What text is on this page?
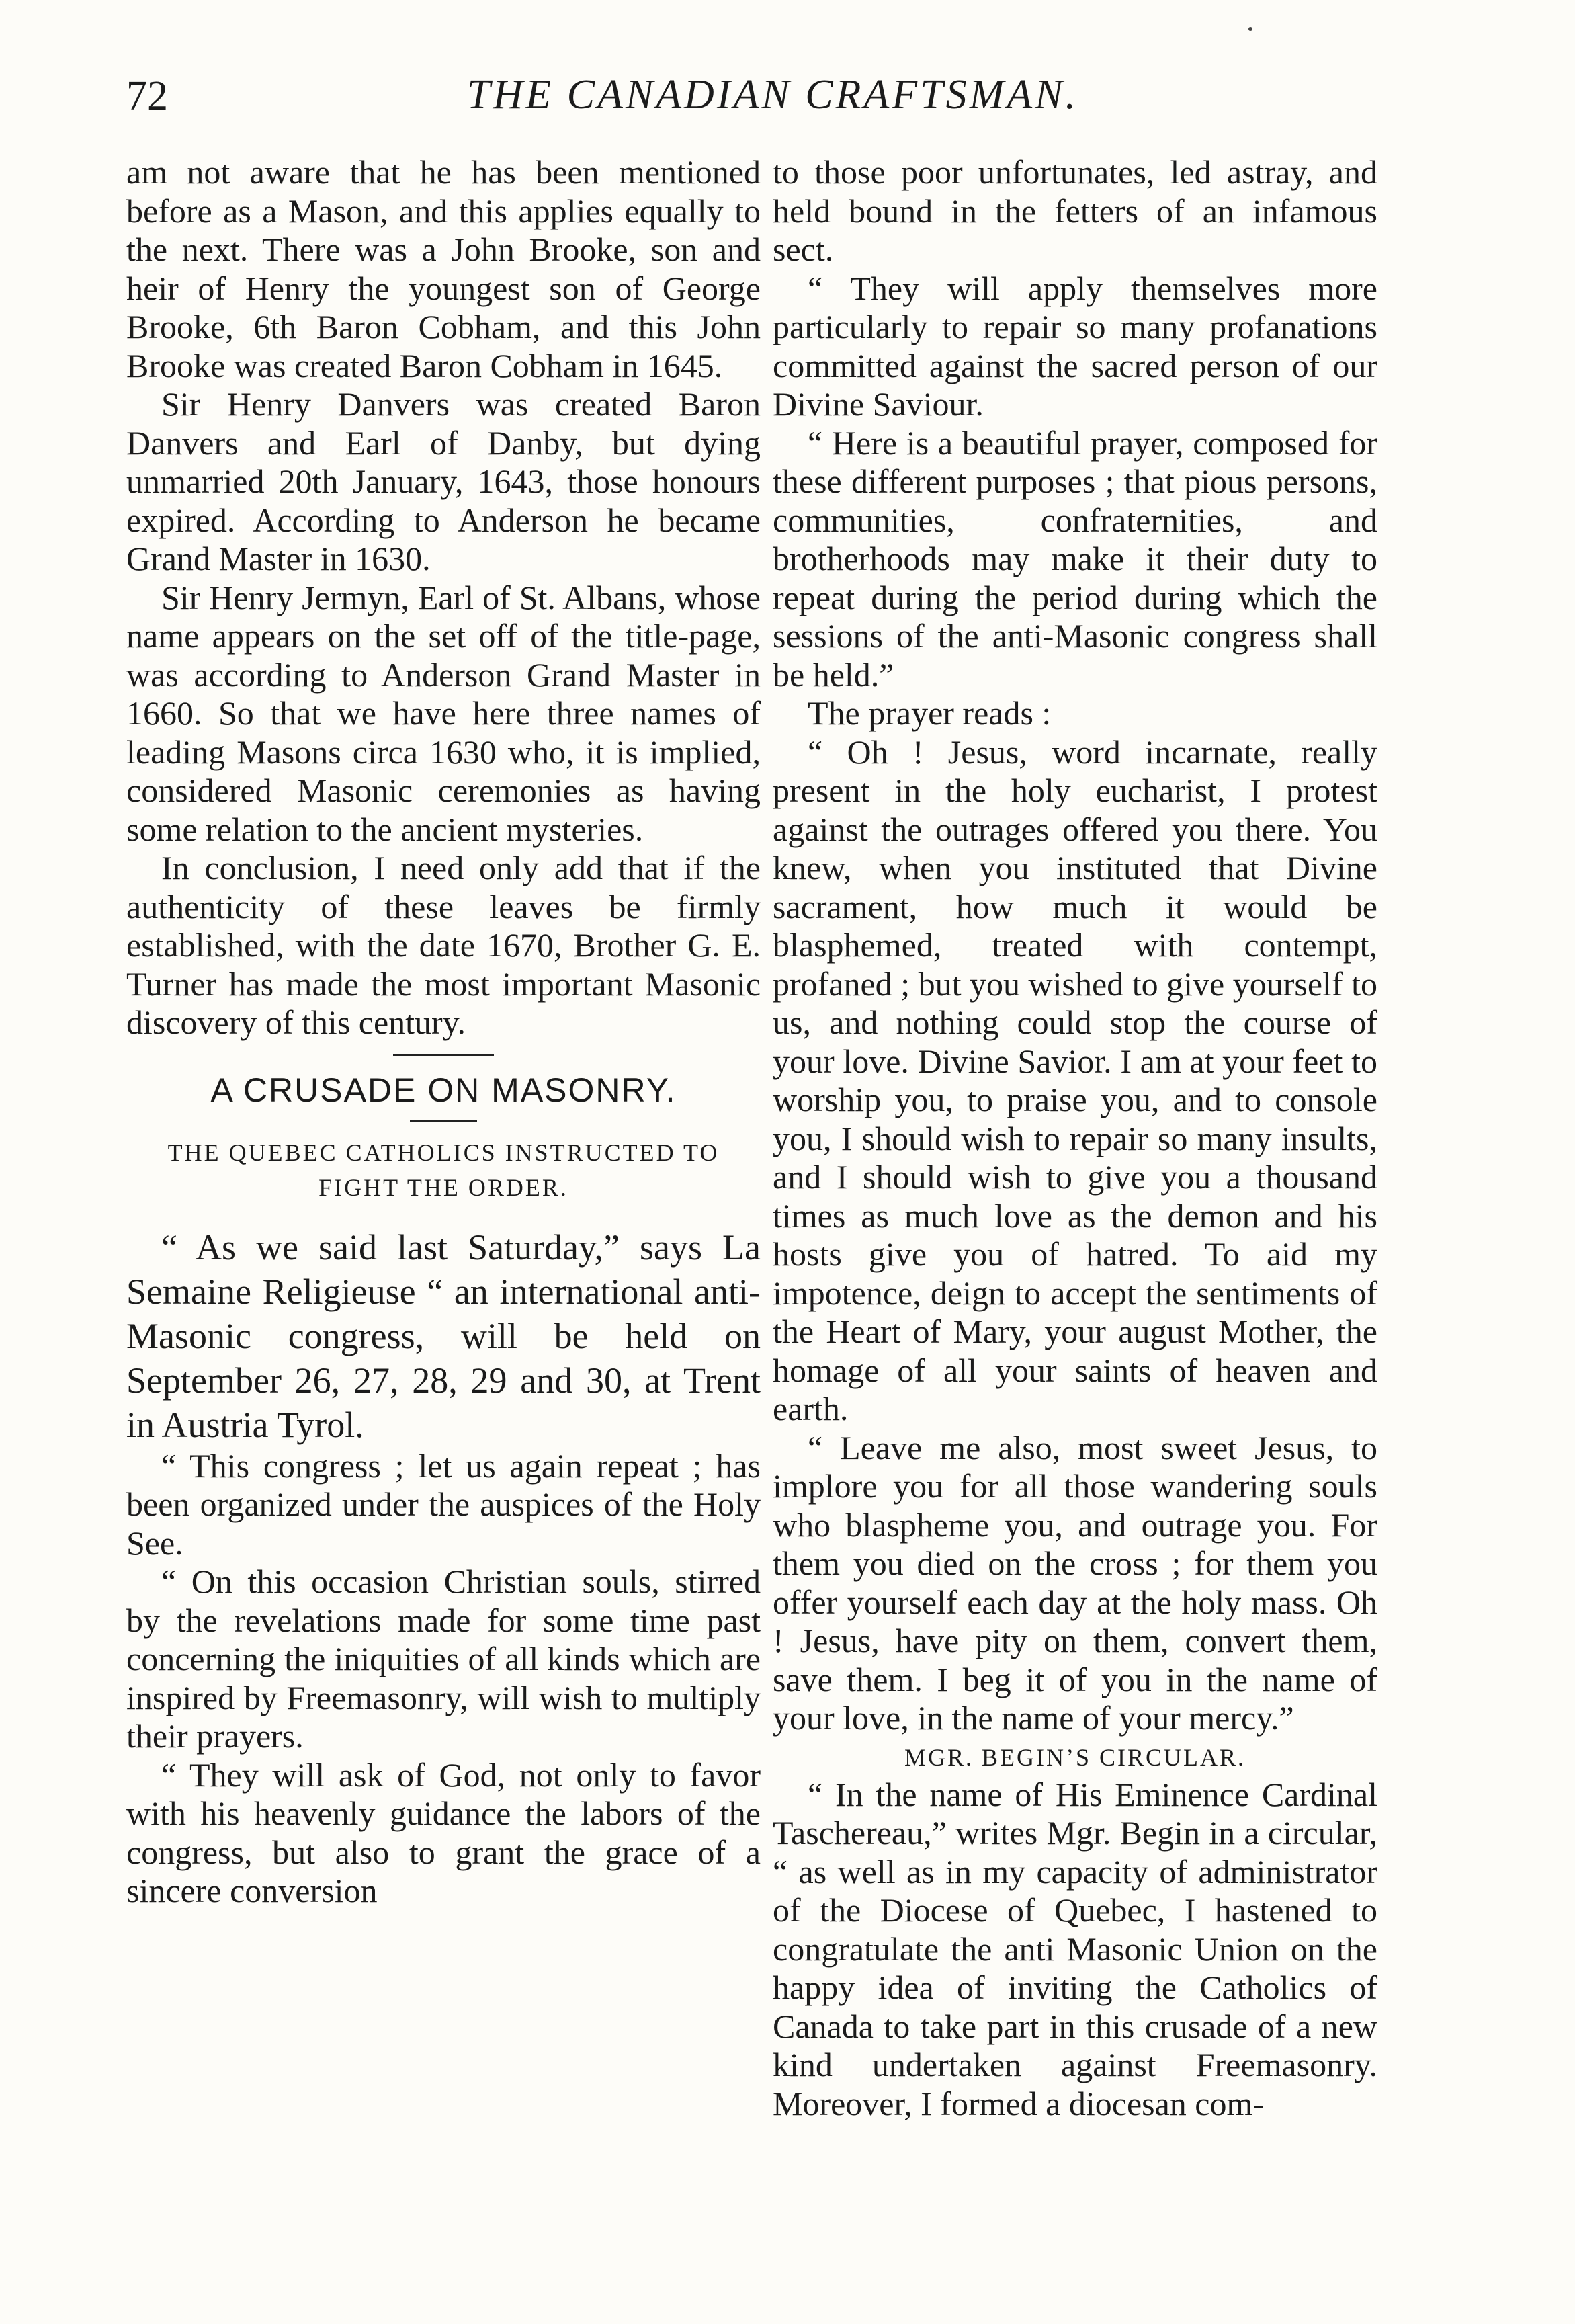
72	THE CANADIAN CRAFTSMAN.

am not aware that he has been mentioned before as a Mason, and this applies equally to the next. There was a John Brooke, son and heir of Henry the youngest son of George Brooke, 6th Baron Cobham, and this John Brooke was created Baron Cobham in 1645.

Sir Henry Danvers was created Baron Danvers and Earl of Danby, but dying unmarried 20th January, 1643, those honours expired. According to Anderson he became Grand Master in 1630.

Sir Henry Jermyn, Earl of St. Albans, whose name appears on the set off of the title-page, was according to Anderson Grand Master in 1660. So that we have here three names of leading Masons circa 1630 who, it is implied, considered Masonic ceremonies as having some relation to the ancient mysteries.

In conclusion, I need only add that if the authenticity of these leaves be firmly established, with the date 1670, Brother G. E. Turner has made the most important Masonic discovery of this century.

A CRUSADE ON MASONRY.
THE QUEBEC CATHOLICS INSTRUCTED TO FIGHT THE ORDER.

“ As we said last Saturday,” says La Semaine Religieuse “ an international anti-Masonic congress, will be held on September 26, 27, 28, 29 and 30, at Trent in Austria Tyrol.

“ This congress ; let us again repeat ; has been organized under the auspices of the Holy See.

“ On this occasion Christian souls, stirred by the revelations made for some time past concerning the iniquities of all kinds which are inspired by Freemasonry, will wish to multiply their prayers.

“ They will ask of God, not only to favor with his heavenly guidance the labors of the congress, but also to grant the grace of a sincere conversion

to those poor unfortunates, led astray, and held bound in the fetters of an infamous sect.

“ They will apply themselves more particularly to repair so many profanations committed against the sacred person of our Divine Saviour.

“ Here is a beautiful prayer, composed for these different purposes ; that pious persons, communities, confraternities, and brotherhoods may make it their duty to repeat during the period during which the sessions of the anti-Masonic congress shall be held.”

The prayer reads :

“ Oh ! Jesus, word incarnate, really present in the holy eucharist, I protest against the outrages offered you there. You knew, when you instituted that Divine sacrament, how much it would be blasphemed, treated with contempt, profaned ; but you wished to give yourself to us, and nothing could stop the course of your love. Divine Savior. I am at your feet to worship you, to praise you, and to console you, I should wish to repair so many insults, and I should wish to give you a thousand times as much love as the demon and his hosts give you of hatred. To aid my impotence, deign to accept the sentiments of the Heart of Mary, your august Mother, the homage of all your saints of heaven and earth.

“ Leave me also, most sweet Jesus, to implore you for all those wandering souls who blaspheme you, and outrage you. For them you died on the cross ; for them you offer yourself each day at the holy mass. Oh ! Jesus, have pity on them, convert them, save them. I beg it of you in the name of your love, in the name of your mercy.”

MGR. BEGIN’S CIRCULAR.

“ In the name of His Eminence Cardinal Taschereau,” writes Mgr. Begin in a circular, “ as well as in my capacity of administrator of the Diocese of Quebec, I hastened to congratulate the anti Masonic Union on the happy idea of inviting the Catholics of Canada to take part in this crusade of a new kind undertaken against Freemasonry. Moreover, I formed a diocesan com-
